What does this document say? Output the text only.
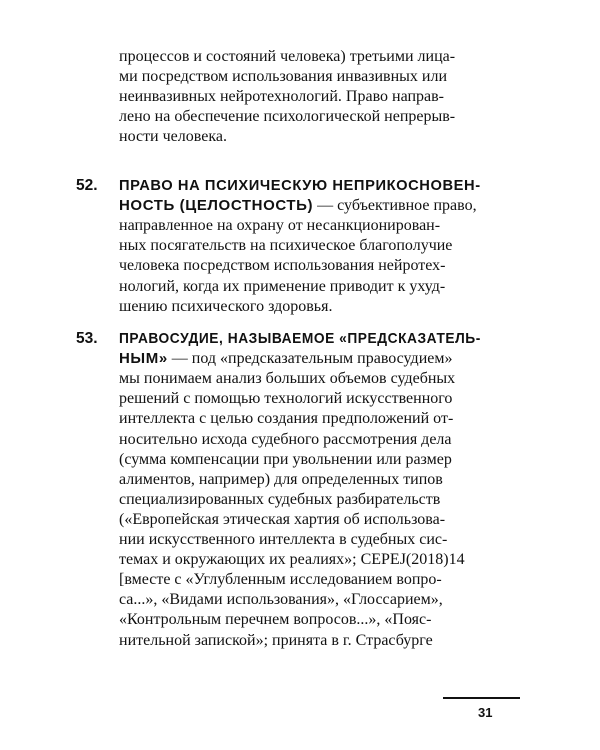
процессов и состояний человека) третьими лица-
ми посредством использования инвазивных или
неинвазивных нейротехнологий. Право направ-
лено на обеспечение психологической непрерыв-
ности человека.
52.	ПРАВО НА ПСИХИЧЕСКУЮ НЕПРИКОСНОВЕН-
НОСТЬ (ЦЕЛОСТНОСТЬ) — субъективное право,
направленное на охрану от несанкционирован-
ных посягательств на психическое благополучие
человека посредством использования нейротех-
нологий, когда их применение приводит к ухуд-
шению психического здоровья.
53.	ПРАВОСУДИЕ, НАЗЫВАЕМОЕ «ПРЕДСКАЗАТЕЛЬ-
НЫМ» — под «предсказательным правосудием»
мы понимаем анализ больших объемов судебных
решений с помощью технологий искусственного
интеллекта с целью создания предположений от-
носительно исхода судебного рассмотрения дела
(сумма компенсации при увольнении или размер
алиментов, например) для определенных типов
специализированных судебных разбирательств
(«Европейская этическая хартия об использова-
нии искусственного интеллекта в судебных сис-
темах и окружающих их реалиях»; CEPEJ(2018)14
[вместе с «Углубленным исследованием вопро-
са...», «Видами использования», «Глоссарием»,
«Контрольным перечнем вопросов...», «Пояс-
нительной запиской»; принята в г. Страсбурге
31
